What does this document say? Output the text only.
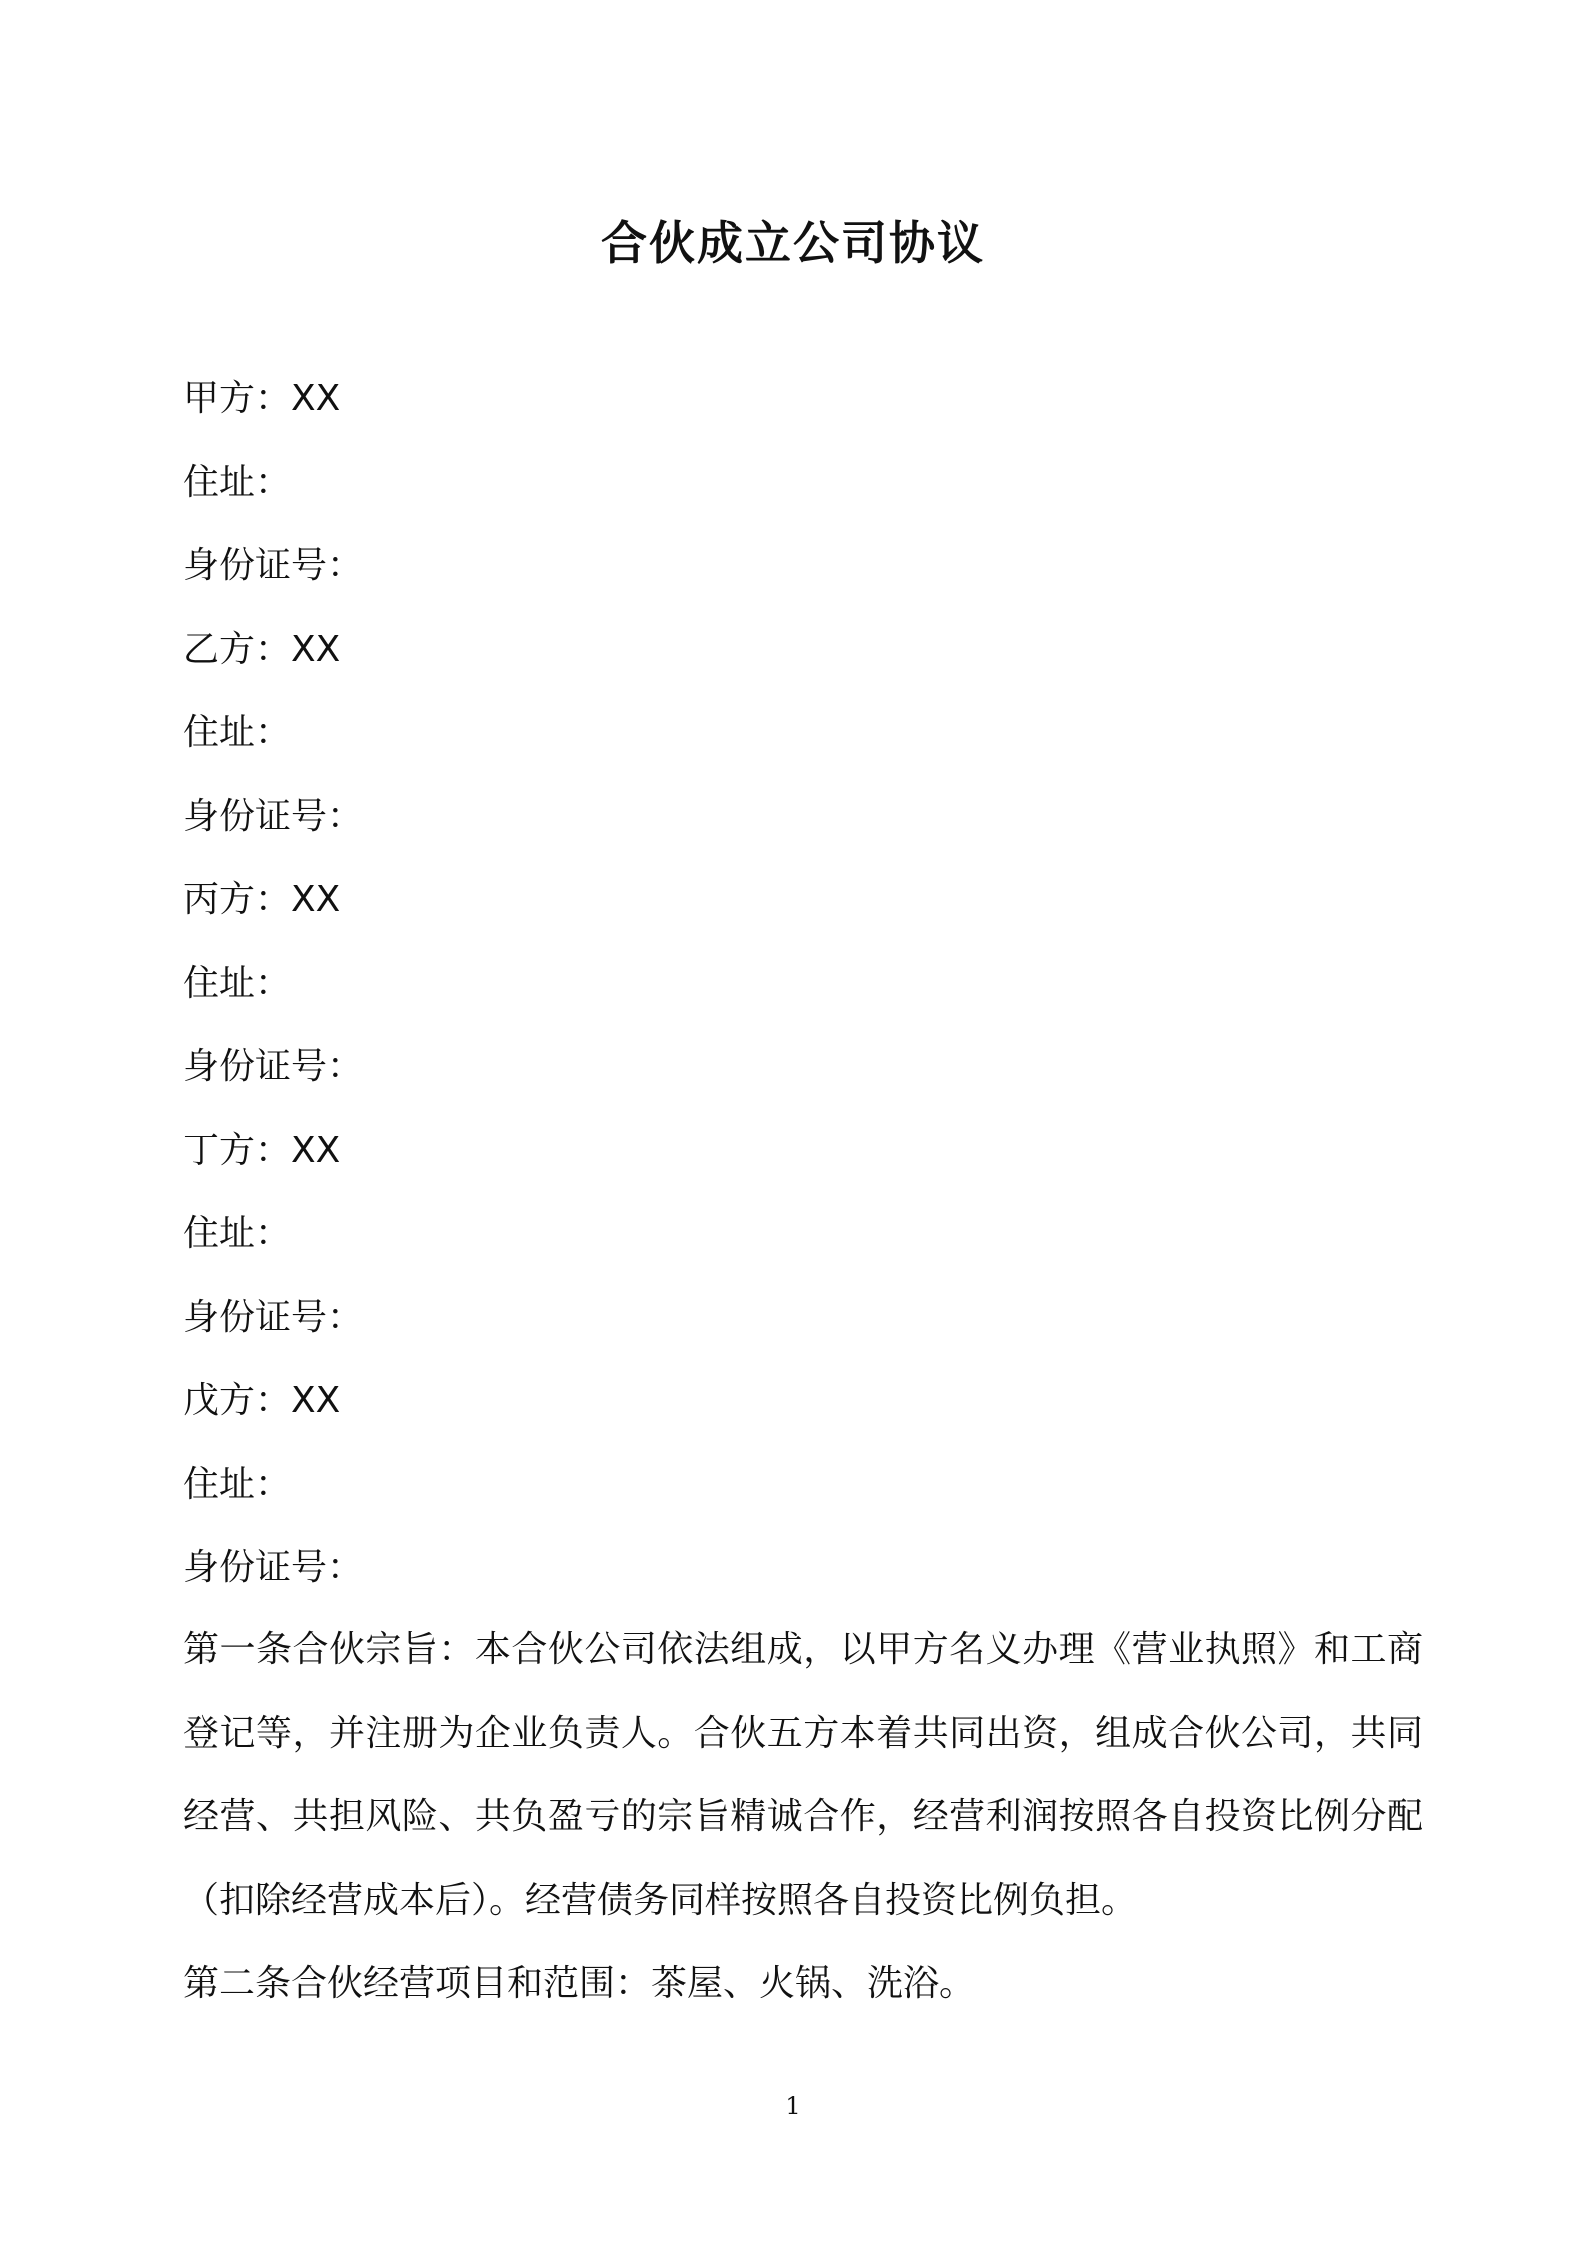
合伙成立公司协议
甲方：XX
住址：
身份证号：
乙方：XX
住址：
身份证号：
丙方：XX
住址：
身份证号：
丁方：XX
住址：
身份证号：
戊方：XX
住址：
身份证号：
第一条合伙宗旨：本合伙公司依法组成，以甲方名义办理《营业执照》和工商登记等，并注册为企业负责人。合伙五方本着共同出资，组成合伙公司，共同经营、共担风险、共负盈亏的宗旨精诚合作，经营利润按照各自投资比例分配（扣除经营成本后）。经营债务同样按照各自投资比例负担。
第二条合伙经营项目和范围：茶屋、火锅、洗浴。
1
